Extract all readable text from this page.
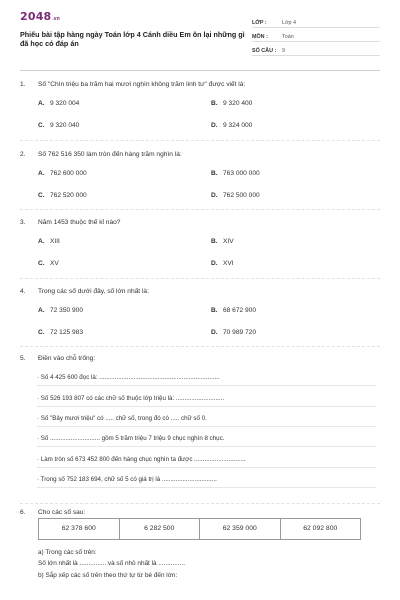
2048.vn
Phiếu bài tập hàng ngày Toán lớp 4 Cánh diều Em ôn lại những gì đã học có đáp án
LỚP :	Lớp 4
MÔN :	Toán
SỐ CÂU :	9
1.	Số "Chín triệu ba trăm hai mươi nghìn không trăm linh tư" được viết là:
A. 9 320 004	B. 9 320 400
C. 9 320 040	D. 9 324 000
2.	Số 762 516 350 làm tròn đến hàng trăm nghìn là:
A. 762 600 000	B. 763 000 000
C. 762 520 000	D. 762 500 000
3.	Năm 1453 thuộc thế kỉ nào?
A. XIII	B. XIV
C. XV	D. XVI
4.	Trong các số dưới đây, số lớn nhất là:
A. 72 350 900	B. 68 672 900
C. 72 125 983	D. 70 989 720
5.	Điền vào chỗ trống:
· Số 4 425 600 đọc là: ......................................................................
· Số 526 193 807 có các chữ số thuộc lớp triệu là: ............................
· Số "Bảy mươi triệu" có ..... chữ số, trong đó có ..... chữ số 0.
· Số ............................. gồm 5 trăm triệu 7 triệu 9 chục nghìn 8 chục.
· Làm tròn số 673 452 800 đến hàng chục nghìn ta được ..............................
· Trong số 752 183 694, chữ số 5 có giá trị là ................................
6.	Cho các số sau:
62 378 600	6 282 500	62 359 000	62 092 800
a) Trong các số trên:
Số lớn nhất là ............... và số nhỏ nhất là ...............
b) Sắp xếp các số trên theo thứ tự từ bé đến lớn:
